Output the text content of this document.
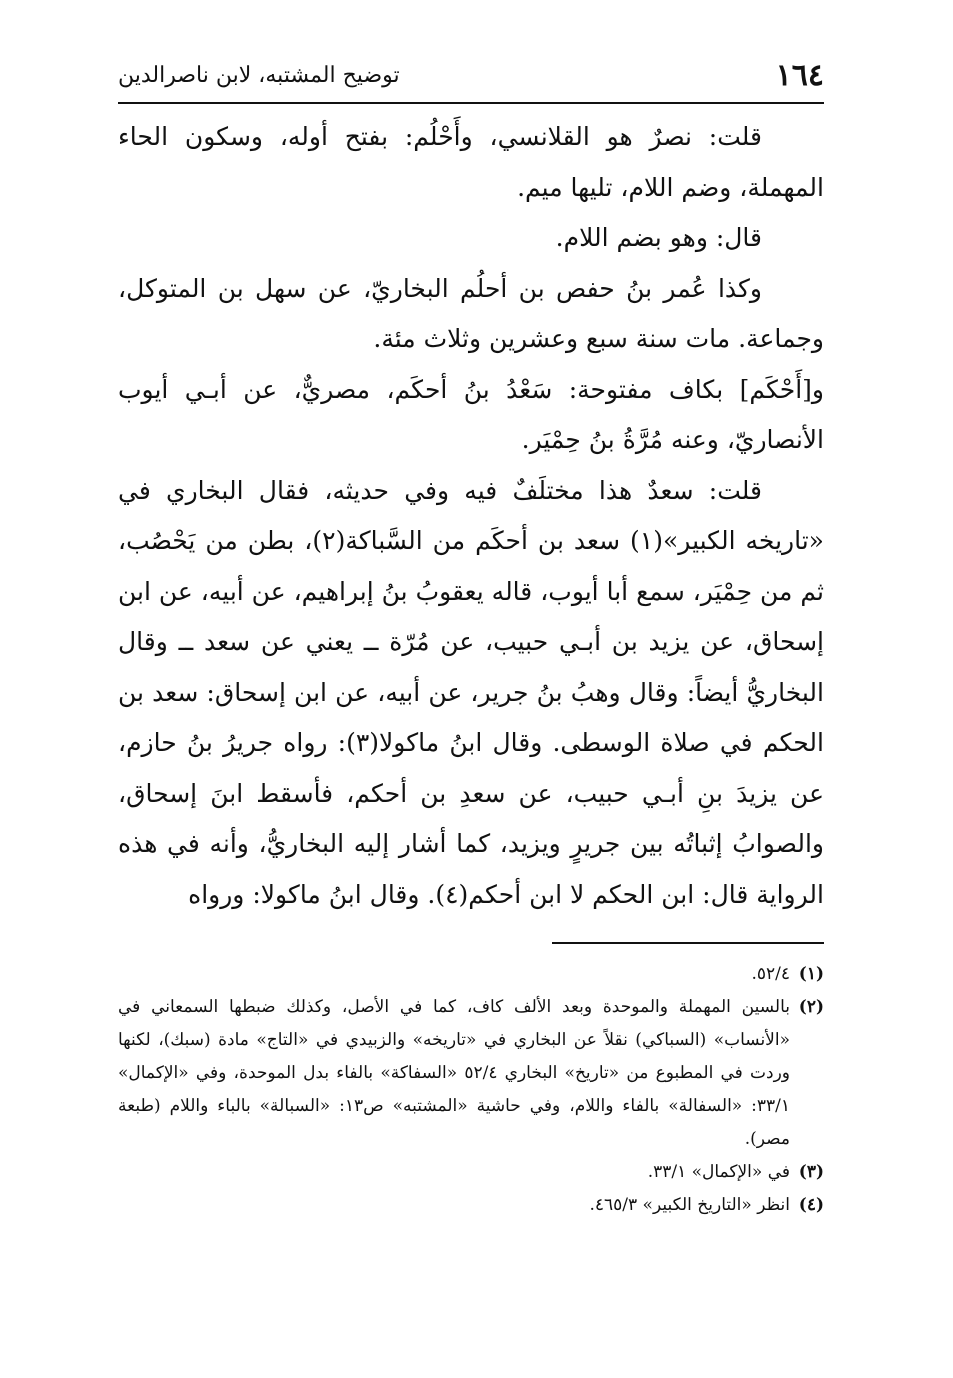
١٦٤
توضيح المشتبه، لابن ناصرالدين

قلت: نصرٌ هو القلانسي، وأَحْلُم: بفتح أوله، وسكون الحاء المهملة، وضم اللام، تليها ميم.

قال: وهو بضم اللام.

وكذا عُمر بنُ حفص بن أحلُم البخاريّ، عن سهل بن المتوكل، وجماعة. مات سنة سبع وعشرين وثلاث مئة.

و[أَحْكَم] بكاف مفتوحة: سَعْدُ بنُ أحكَم، مصريٌّ، عن أبـي أيوب الأنصاريّ، وعنه مُرَّةُ بنُ حِمْيَر.

قلت: سعدٌ هذا مختلَفٌ فيه وفي حديثه، فقال البخاري في «تاريخه الكبير»(١) سعد بن أحكَم من السَّباكة(٢)، بطن من يَحْصُب، ثم من حِمْيَر، سمع أبا أيوب، قاله يعقوبُ بنُ إبراهيم، عن أبيه، عن ابن إسحاق، عن يزيد بن أبـي حبيب، عن مُرّة ــ يعني عن سعد ــ وقال البخاريُّ أيضاً: وقال وهبُ بنُ جرير، عن أبيه، عن ابن إسحاق: سعد بن الحكم في صلاة الوسطى. وقال ابنُ ماكولا(٣): رواه جريرُ بنُ حازم، عن يزيدَ بنِ أبـي حبيب، عن سعدِ بن أحكم، فأسقط ابنَ إسحاق، والصوابُ إثباتُه بين جريرٍ ويزيد، كما أشار إليه البخاريُّ، وأنه في هذه الرواية قال: ابن الحكم لا ابن أحكم(٤). وقال ابنُ ماكولا: ورواه

(١)
٥٢/٤.
(٢)
بالسين المهملة والموحدة وبعد الألف كاف، كما في الأصل، وكذلك ضبطها السمعاني في «الأنساب» (السباكي) نقلاً عن البخاري في «تاريخه» والزبيدي في «التاج» مادة (سبك)، لكنها وردت في المطبوع من «تاريخ» البخاري ٥٢/٤ «السفاكة» بالفاء بدل الموحدة، وفي «الإكمال» ٣٣/١: «السفالة» بالفاء واللام، وفي حاشية «المشتبه» ص١٣: «السبالة» بالباء واللام (طبعة مصر).
(٣)
في «الإكمال» ٣٣/١.
(٤)
انظر «التاريخ الكبير» ٤٦٥/٣.
